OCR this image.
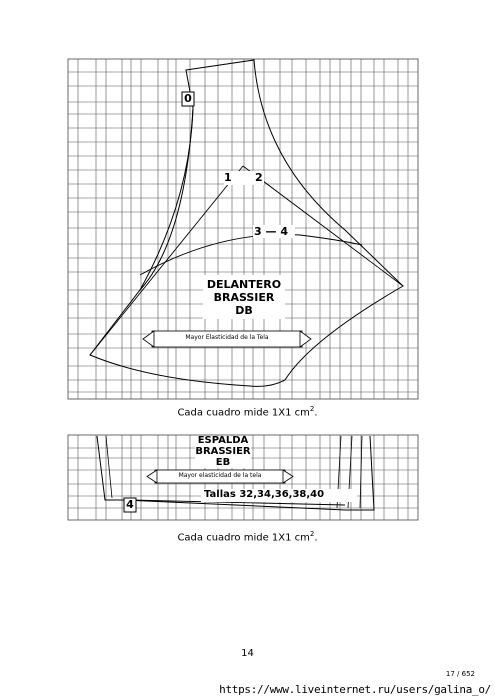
0
1 2
3 — 4
DELANTERO
BRASSIER
DB
Mayor Elasticidad de la Tela
Cada cuadro mide 1X1 $cm^2$.
ESPALDA
BRASSIER
EB
Mayor elasticidad de la tela
4
Tallas 32,34,36,38,40
Cada cuadro mide 1X1 $cm^2$.
14
17 / 652
https://www.liveinternet.ru/users/galina_o/
